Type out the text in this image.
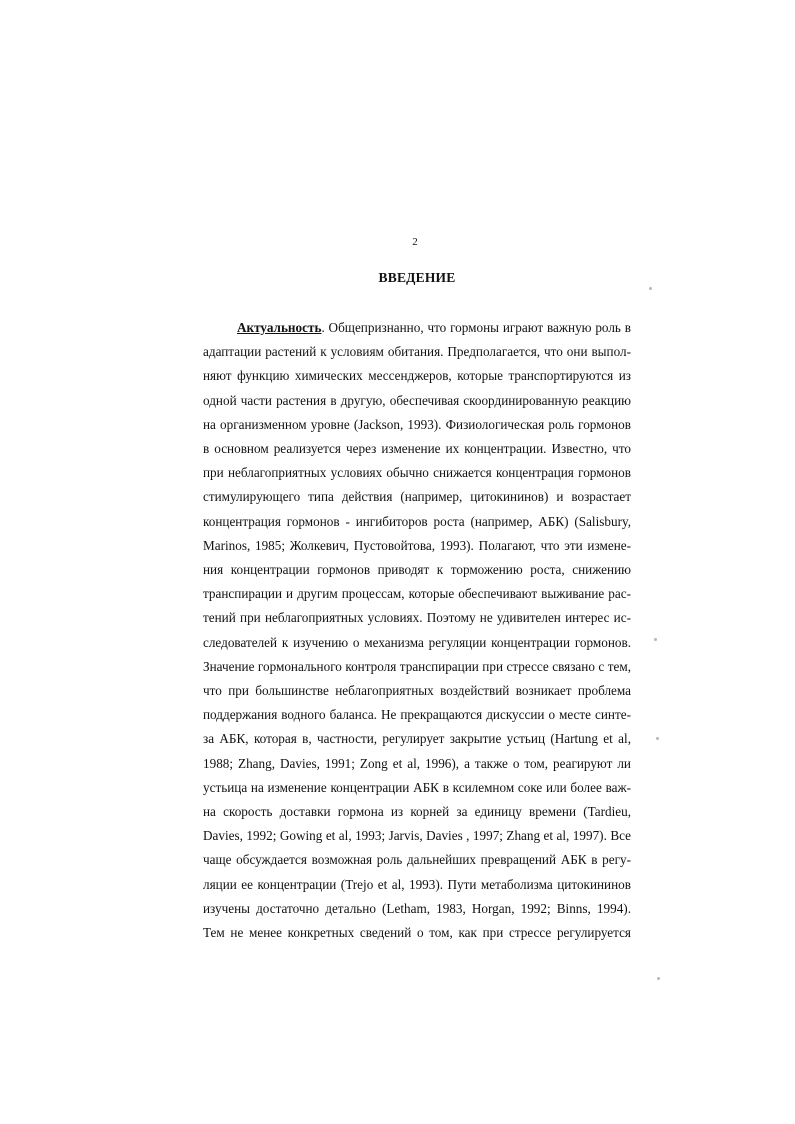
2
ВВЕДЕНИЕ
Актуальность. Общепризнанно, что гормоны играют важную роль в
адаптации растений к условиям обитания. Предполагается, что они выпол-
няют функцию химических мессенджеров, которые транспортируются из
одной части растения в другую, обеспечивая скоординированную реакцию
на организменном уровне (Jackson, 1993). Физиологическая роль гормонов
в основном реализуется через изменение их концентрации. Известно, что
при неблагоприятных условиях обычно снижается концентрация гормонов
стимулирующего типа действия (например, цитокининов) и возрастает
концентрация гормонов - ингибиторов роста (например, АБК) (Salisbury,
Marinos, 1985; Жолкевич, Пустовойтова, 1993). Полагают, что эти измене-
ния концентрации гормонов приводят к торможению роста, снижению
транспирации и другим процессам, которые обеспечивают выживание рас-
тений при неблагоприятных условиях. Поэтому не удивителен интерес ис-
следователей к изучению о механизма регуляции концентрации гормонов.
Значение гормонального контроля транспирации при стрессе связано с тем,
что при большинстве неблагоприятных воздействий возникает проблема
поддержания водного баланса. Не прекращаются дискуссии о месте синте-
за АБК, которая в, частности, регулирует закрытие устьиц (Hartung et al,
1988; Zhang, Davies, 1991; Zong et al, 1996), а также о том, реагируют ли
устьица на изменение концентрации АБК в ксилемном соке или более важ-
на скорость доставки гормона из корней за единицу времени (Tardieu,
Davies, 1992; Gowing et al, 1993; Jarvis, Davies , 1997; Zhang et al, 1997). Все
чаще обсуждается возможная роль дальнейших превращений АБК в регу-
ляции ее концентрации (Trejo et al, 1993). Пути метаболизма цитокининов
изучены достаточно детально (Letham, 1983, Horgan, 1992; Binns, 1994).
Тем не менее конкретных сведений о том, как при стрессе регулируется
